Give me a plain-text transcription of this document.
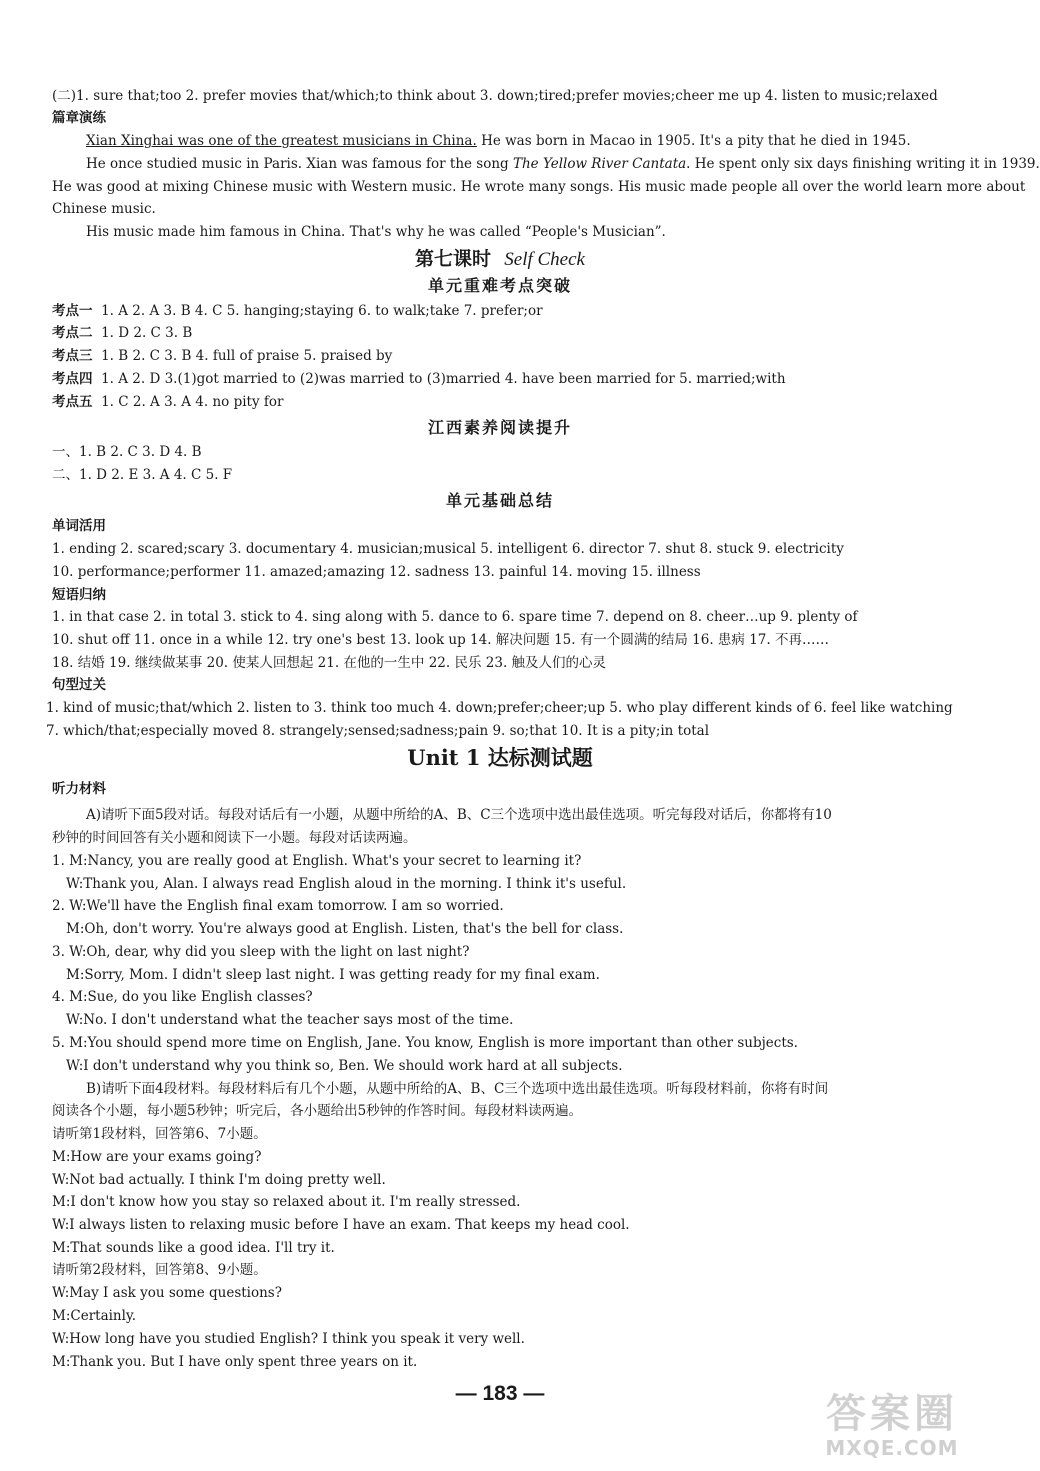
(二)1. sure that;too 2. prefer movies that/which;to think about 3. down;tired;prefer movies;cheer me up 4. listen to music;relaxed
篇章演练
Xian Xinghai was one of the greatest musicians in China. He was born in Macao in 1905. It's a pity that he died in 1945.
He once studied music in Paris. Xian was famous for the song The Yellow River Cantata. He spent only six days finishing writing it in 1939.
He was good at mixing Chinese music with Western music. He wrote many songs. His music made people all over the world learn more about
Chinese music.
His music made him famous in China. That's why he was called “People's Musician”.
第七课时 Self Check
单元重难考点突破
考点一 1. A 2. A 3. B 4. C 5. hanging;staying 6. to walk;take 7. prefer;or
考点二 1. D 2. C 3. B
考点三 1. B 2. C 3. B 4. full of praise 5. praised by
考点四 1. A 2. D 3.(1)got married to (2)was married to (3)married 4. have been married for 5. married;with
考点五 1. C 2. A 3. A 4. no pity for
江西素养阅读提升
一、1. B 2. C 3. D 4. B
二、1. D 2. E 3. A 4. C 5. F
单元基础总结
单词活用
1. ending 2. scared;scary 3. documentary 4. musician;musical 5. intelligent 6. director 7. shut 8. stuck 9. electricity
10. performance;performer 11. amazed;amazing 12. sadness 13. painful 14. moving 15. illness
短语归纳
1. in that case 2. in total 3. stick to 4. sing along with 5. dance to 6. spare time 7. depend on 8. cheer…up 9. plenty of
10. shut off 11. once in a while 12. try one's best 13. look up 14. 解决问题 15. 有一个圆满的结局 16. 患病 17. 不再……
18. 结婚 19. 继续做某事 20. 使某人回想起 21. 在他的一生中 22. 民乐 23. 触及人们的心灵
句型过关
1. kind of music;that/which 2. listen to 3. think too much 4. down;prefer;cheer;up 5. who play different kinds of 6. feel like watching
7. which/that;especially moved 8. strangely;sensed;sadness;pain 9. so;that 10. It is a pity;in total
Unit 1 达标测试题
听力材料
A)请听下面5段对话。每段对话后有一小题，从题中所给的A、B、C三个选项中选出最佳选项。听完每段对话后，你都将有10
秒钟的时间回答有关小题和阅读下一小题。每段对话读两遍。
1. M:Nancy, you are really good at English. What's your secret to learning it?
W:Thank you, Alan. I always read English aloud in the morning. I think it's useful.
2. W:We'll have the English final exam tomorrow. I am so worried.
M:Oh, don't worry. You're always good at English. Listen, that's the bell for class.
3. W:Oh, dear, why did you sleep with the light on last night?
M:Sorry, Mom. I didn't sleep last night. I was getting ready for my final exam.
4. M:Sue, do you like English classes?
W:No. I don't understand what the teacher says most of the time.
5. M:You should spend more time on English, Jane. You know, English is more important than other subjects.
W:I don't understand why you think so, Ben. We should work hard at all subjects.
B)请听下面4段材料。每段材料后有几个小题，从题中所给的A、B、C三个选项中选出最佳选项。听每段材料前，你将有时间
阅读各个小题，每小题5秒钟；听完后，各小题给出5秒钟的作答时间。每段材料读两遍。
请听第1段材料，回答第6、7小题。
M:How are your exams going?
W:Not bad actually. I think I'm doing pretty well.
M:I don't know how you stay so relaxed about it. I'm really stressed.
W:I always listen to relaxing music before I have an exam. That keeps my head cool.
M:That sounds like a good idea. I'll try it.
请听第2段材料，回答第8、9小题。
W:May I ask you some questions?
M:Certainly.
W:How long have you studied English? I think you speak it very well.
M:Thank you. But I have only spent three years on it.
— 183 —	答案圈
MXQE.COM
